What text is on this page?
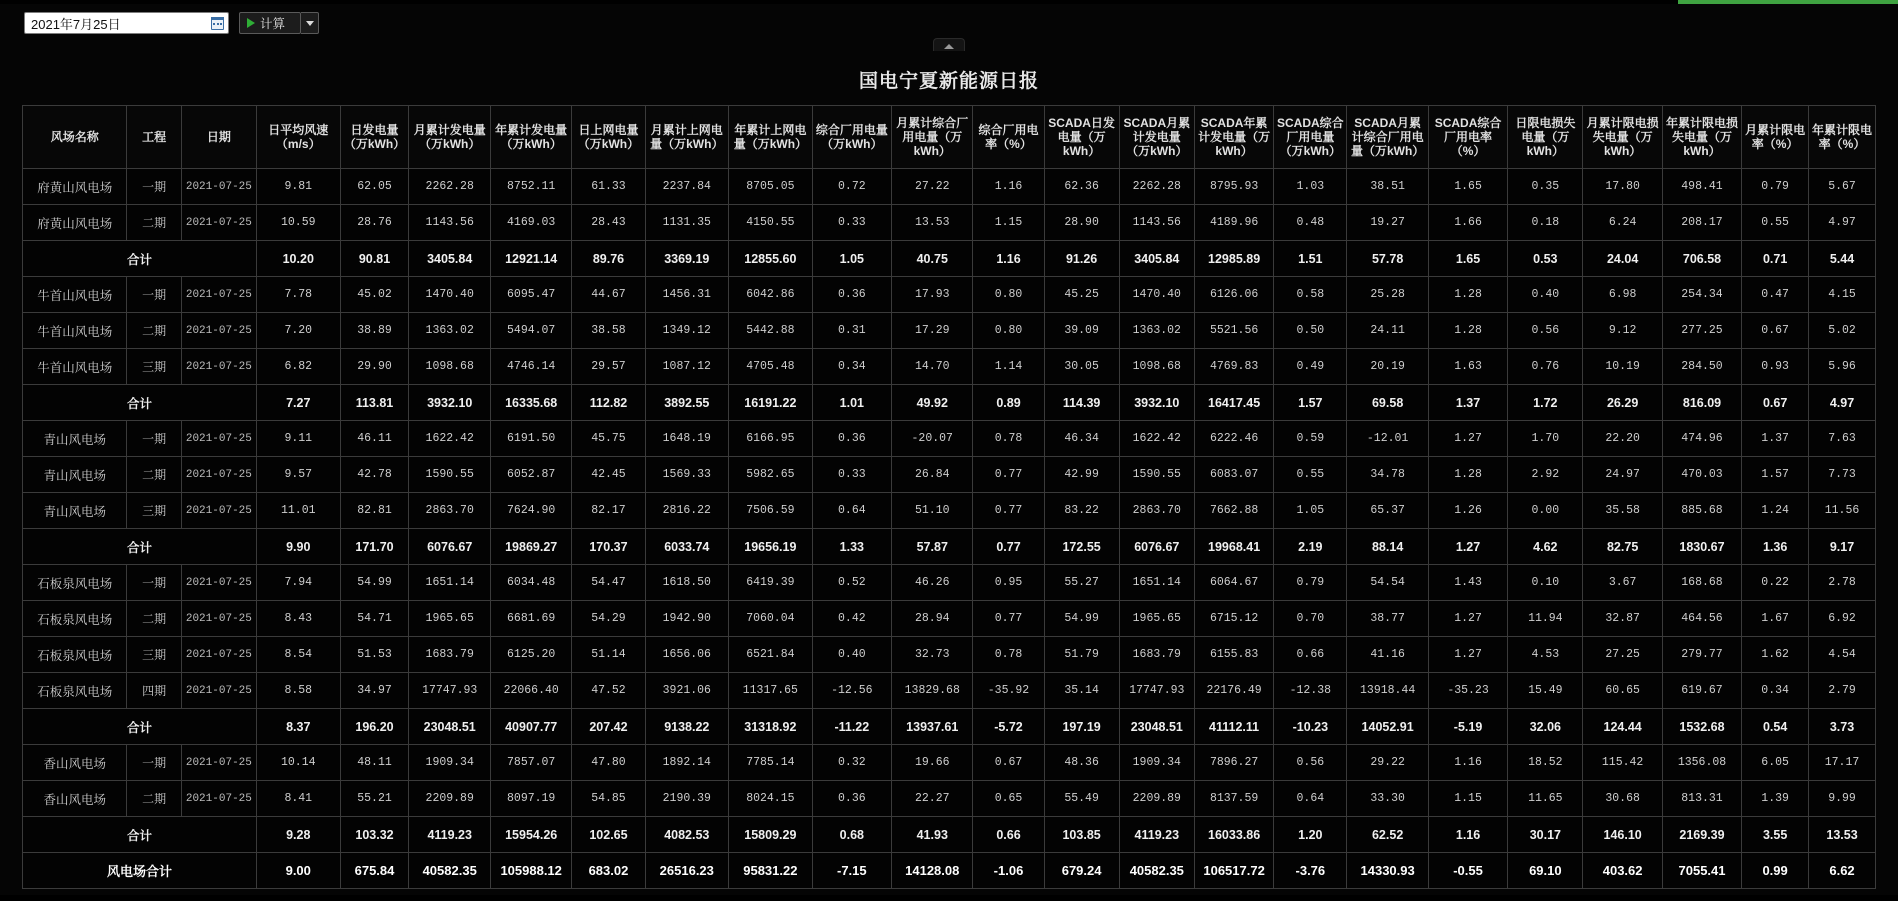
2021年7月25日	计算
国电宁夏新能源日报
风场名称	工程	日期	日平均风速（m/s）	日发电量（万kWh）	月累计发电量（万kWh）	年累计发电量（万kWh）	日上网电量（万kWh）	月累计上网电量（万kWh）	年累计上网电量（万kWh）	综合厂用电量（万kWh）	月累计综合厂用电量（万kWh）	综合厂用电率（%）	SCADA日发电量（万kWh）	SCADA月累计发电量（万kWh）	SCADA年累计发电量（万kWh）	SCADA综合厂用电量（万kWh）	SCADA月累计综合厂用电量（万kWh）	SCADA综合厂用电率（%）	日限电损失电量（万kWh）	月累计限电损失电量（万kWh）	年累计限电损失电量（万kWh）	月累计限电率（%）	年累计限电率（%）
府黄山风电场	一期	2021-07-25	9.81	62.05	2262.28	8752.11	61.33	2237.84	8705.05	0.72	27.22	1.16	62.36	2262.28	8795.93	1.03	38.51	1.65	0.35	17.80	498.41	0.79	5.67
府黄山风电场	二期	2021-07-25	10.59	28.76	1143.56	4169.03	28.43	1131.35	4150.55	0.33	13.53	1.15	28.90	1143.56	4189.96	0.48	19.27	1.66	0.18	6.24	208.17	0.55	4.97
合计			10.20	90.81	3405.84	12921.14	89.76	3369.19	12855.60	1.05	40.75	1.16	91.26	3405.84	12985.89	1.51	57.78	1.65	0.53	24.04	706.58	0.71	5.44
牛首山风电场	一期	2021-07-25	7.78	45.02	1470.40	6095.47	44.67	1456.31	6042.86	0.36	17.93	0.80	45.25	1470.40	6126.06	0.58	25.28	1.28	0.40	6.98	254.34	0.47	4.15
牛首山风电场	二期	2021-07-25	7.20	38.89	1363.02	5494.07	38.58	1349.12	5442.88	0.31	17.29	0.80	39.09	1363.02	5521.56	0.50	24.11	1.28	0.56	9.12	277.25	0.67	5.02
牛首山风电场	三期	2021-07-25	6.82	29.90	1098.68	4746.14	29.57	1087.12	4705.48	0.34	14.70	1.14	30.05	1098.68	4769.83	0.49	20.19	1.63	0.76	10.19	284.50	0.93	5.96
合计			7.27	113.81	3932.10	16335.68	112.82	3892.55	16191.22	1.01	49.92	0.89	114.39	3932.10	16417.45	1.57	69.58	1.37	1.72	26.29	816.09	0.67	4.97
青山风电场	一期	2021-07-25	9.11	46.11	1622.42	6191.50	45.75	1648.19	6166.95	0.36	-20.07	0.78	46.34	1622.42	6222.46	0.59	-12.01	1.27	1.70	22.20	474.96	1.37	7.63
青山风电场	二期	2021-07-25	9.57	42.78	1590.55	6052.87	42.45	1569.33	5982.65	0.33	26.84	0.77	42.99	1590.55	6083.07	0.55	34.78	1.28	2.92	24.97	470.03	1.57	7.73
青山风电场	三期	2021-07-25	11.01	82.81	2863.70	7624.90	82.17	2816.22	7506.59	0.64	51.10	0.77	83.22	2863.70	7662.88	1.05	65.37	1.26	0.00	35.58	885.68	1.24	11.56
合计			9.90	171.70	6076.67	19869.27	170.37	6033.74	19656.19	1.33	57.87	0.77	172.55	6076.67	19968.41	2.19	88.14	1.27	4.62	82.75	1830.67	1.36	9.17
石板泉风电场	一期	2021-07-25	7.94	54.99	1651.14	6034.48	54.47	1618.50	6419.39	0.52	46.26	0.95	55.27	1651.14	6064.67	0.79	54.54	1.43	0.10	3.67	168.68	0.22	2.78
石板泉风电场	二期	2021-07-25	8.43	54.71	1965.65	6681.69	54.29	1942.90	7060.04	0.42	28.94	0.77	54.99	1965.65	6715.12	0.70	38.77	1.27	11.94	32.87	464.56	1.67	6.92
石板泉风电场	三期	2021-07-25	8.54	51.53	1683.79	6125.20	51.14	1656.06	6521.84	0.40	32.73	0.78	51.79	1683.79	6155.83	0.66	41.16	1.27	4.53	27.25	279.77	1.62	4.54
石板泉风电场	四期	2021-07-25	8.58	34.97	17747.93	22066.40	47.52	3921.06	11317.65	-12.56	13829.68	-35.92	35.14	17747.93	22176.49	-12.38	13918.44	-35.23	15.49	60.65	619.67	0.34	2.79
合计			8.37	196.20	23048.51	40907.77	207.42	9138.22	31318.92	-11.22	13937.61	-5.72	197.19	23048.51	41112.11	-10.23	14052.91	-5.19	32.06	124.44	1532.68	0.54	3.73
香山风电场	一期	2021-07-25	10.14	48.11	1909.34	7857.07	47.80	1892.14	7785.14	0.32	19.66	0.67	48.36	1909.34	7896.27	0.56	29.22	1.16	18.52	115.42	1356.08	6.05	17.17
香山风电场	二期	2021-07-25	8.41	55.21	2209.89	8097.19	54.85	2190.39	8024.15	0.36	22.27	0.65	55.49	2209.89	8137.59	0.64	33.30	1.15	11.65	30.68	813.31	1.39	9.99
合计			9.28	103.32	4119.23	15954.26	102.65	4082.53	15809.29	0.68	41.93	0.66	103.85	4119.23	16033.86	1.20	62.52	1.16	30.17	146.10	2169.39	3.55	13.53
风电场合计			9.00	675.84	40582.35	105988.12	683.02	26516.23	95831.22	-7.15	14128.08	-1.06	679.24	40582.35	106517.72	-3.76	14330.93	-0.55	69.10	403.62	7055.41	0.99	6.62
